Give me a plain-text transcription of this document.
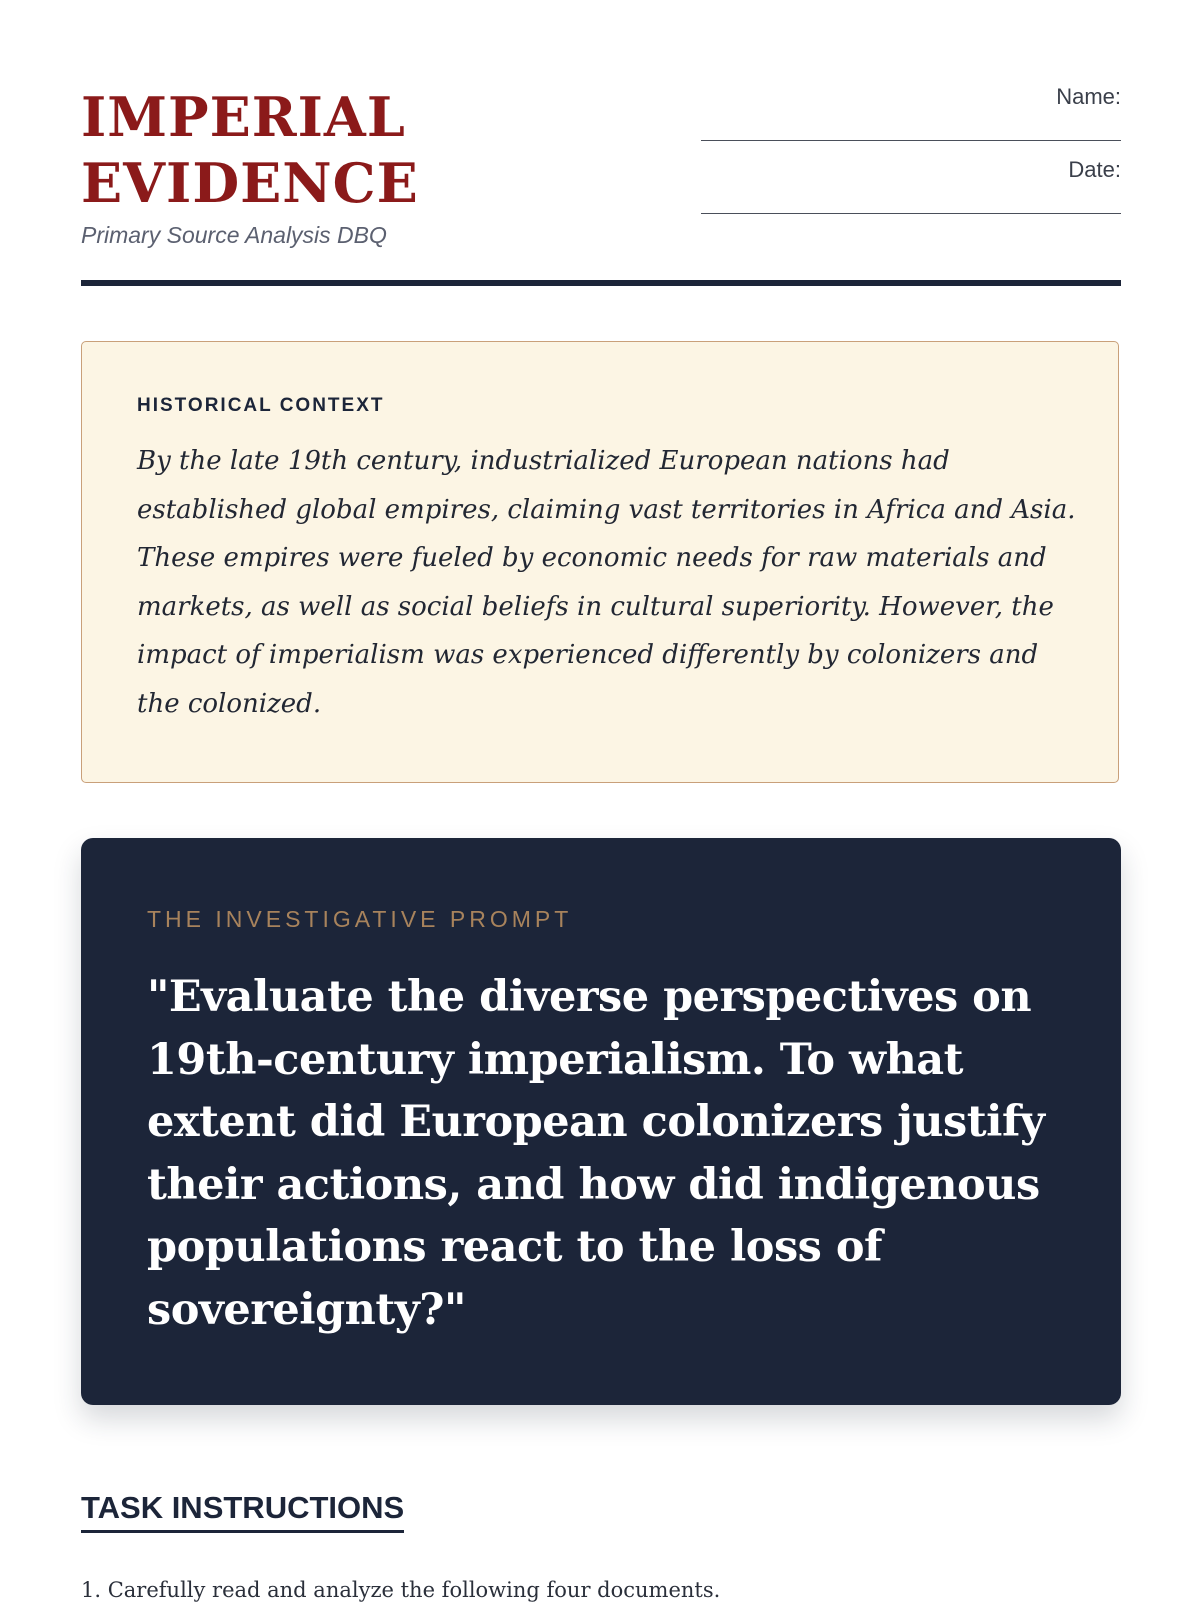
IMPERIAL
EVIDENCE
Primary Source Analysis DBQ
Name:
Date:
HISTORICAL CONTEXT

By the late 19th century, industrialized European nations had established global empires, claiming vast territories in Africa and Asia. These empires were fueled by economic needs for raw materials and markets, as well as social beliefs in cultural superiority. However, the impact of imperialism was experienced differently by colonizers and the colonized.

THE INVESTIGATIVE PROMPT

"Evaluate the diverse perspectives on 19th-century imperialism. To what extent did European colonizers justify their actions, and how did indigenous populations react to the loss of sovereignty?"

TASK INSTRUCTIONS
1. Carefully read and analyze the following four documents.
